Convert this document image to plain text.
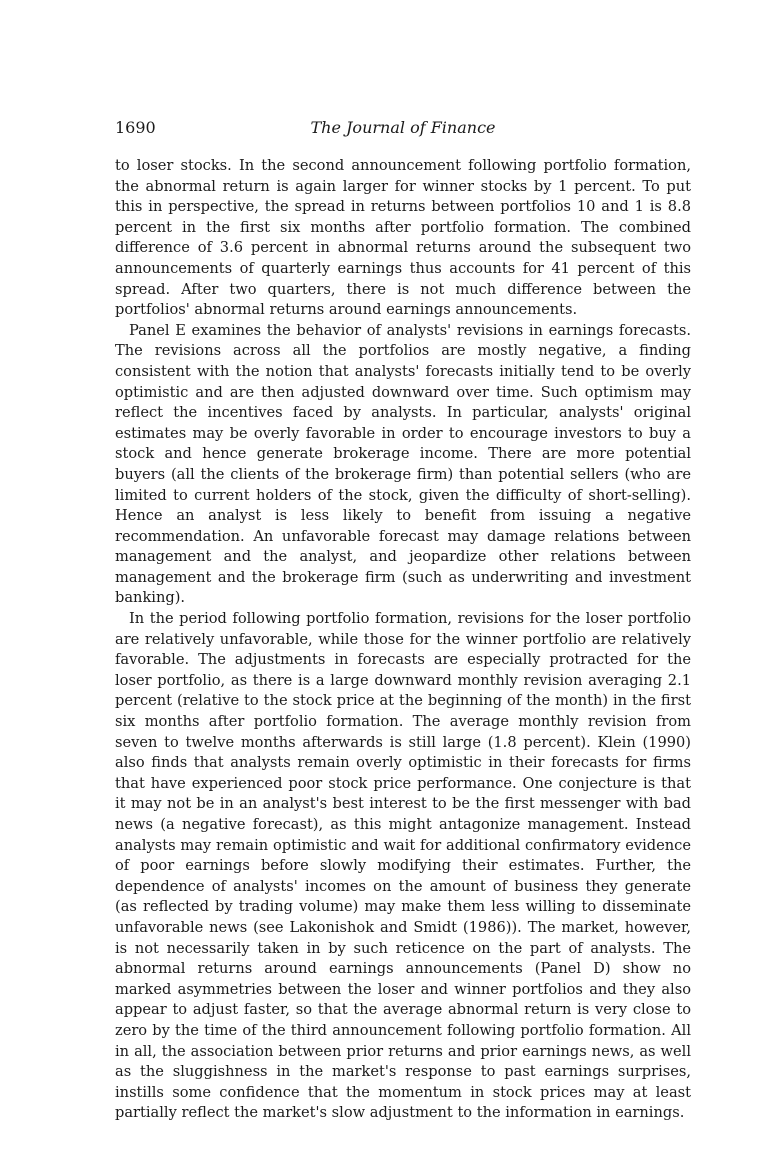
1690	The Journal of Finance

to loser stocks. In the second announcement following portfolio formation, the abnormal return is again larger for winner stocks by 1 percent. To put this in perspective, the spread in returns between portfolios 10 and 1 is 8.8 percent in the first six months after portfolio formation. The combined difference of 3.6 percent in abnormal returns around the subsequent two announcements of quarterly earnings thus accounts for 41 percent of this spread. After two quarters, there is not much difference between the portfolios' abnormal returns around earnings announcements.

Panel E examines the behavior of analysts' revisions in earnings forecasts. The revisions across all the portfolios are mostly negative, a finding consistent with the notion that analysts' forecasts initially tend to be overly optimistic and are then adjusted downward over time. Such optimism may reflect the incentives faced by analysts. In particular, analysts' original estimates may be overly favorable in order to encourage investors to buy a stock and hence generate brokerage income. There are more potential buyers (all the clients of the brokerage firm) than potential sellers (who are limited to current holders of the stock, given the difficulty of short-selling). Hence an analyst is less likely to benefit from issuing a negative recommendation. An unfavorable forecast may damage relations between management and the analyst, and jeopardize other relations between management and the brokerage firm (such as underwriting and investment banking).

In the period following portfolio formation, revisions for the loser portfolio are relatively unfavorable, while those for the winner portfolio are relatively favorable. The adjustments in forecasts are especially protracted for the loser portfolio, as there is a large downward monthly revision averaging 2.1 percent (relative to the stock price at the beginning of the month) in the first six months after portfolio formation. The average monthly revision from seven to twelve months afterwards is still large (1.8 percent). Klein (1990) also finds that analysts remain overly optimistic in their forecasts for firms that have experienced poor stock price performance. One conjecture is that it may not be in an analyst's best interest to be the first messenger with bad news (a negative forecast), as this might antagonize management. Instead analysts may remain optimistic and wait for additional confirmatory evidence of poor earnings before slowly modifying their estimates. Further, the dependence of analysts' incomes on the amount of business they generate (as reflected by trading volume) may make them less willing to disseminate unfavorable news (see Lakonishok and Smidt (1986)). The market, however, is not necessarily taken in by such reticence on the part of analysts. The abnormal returns around earnings announcements (Panel D) show no marked asymmetries between the loser and winner portfolios and they also appear to adjust faster, so that the average abnormal return is very close to zero by the time of the third announcement following portfolio formation. All in all, the association between prior returns and prior earnings news, as well as the sluggishness in the market's response to past earnings surprises, instills some confidence that the momentum in stock prices may at least partially reflect the market's slow adjustment to the information in earnings.
